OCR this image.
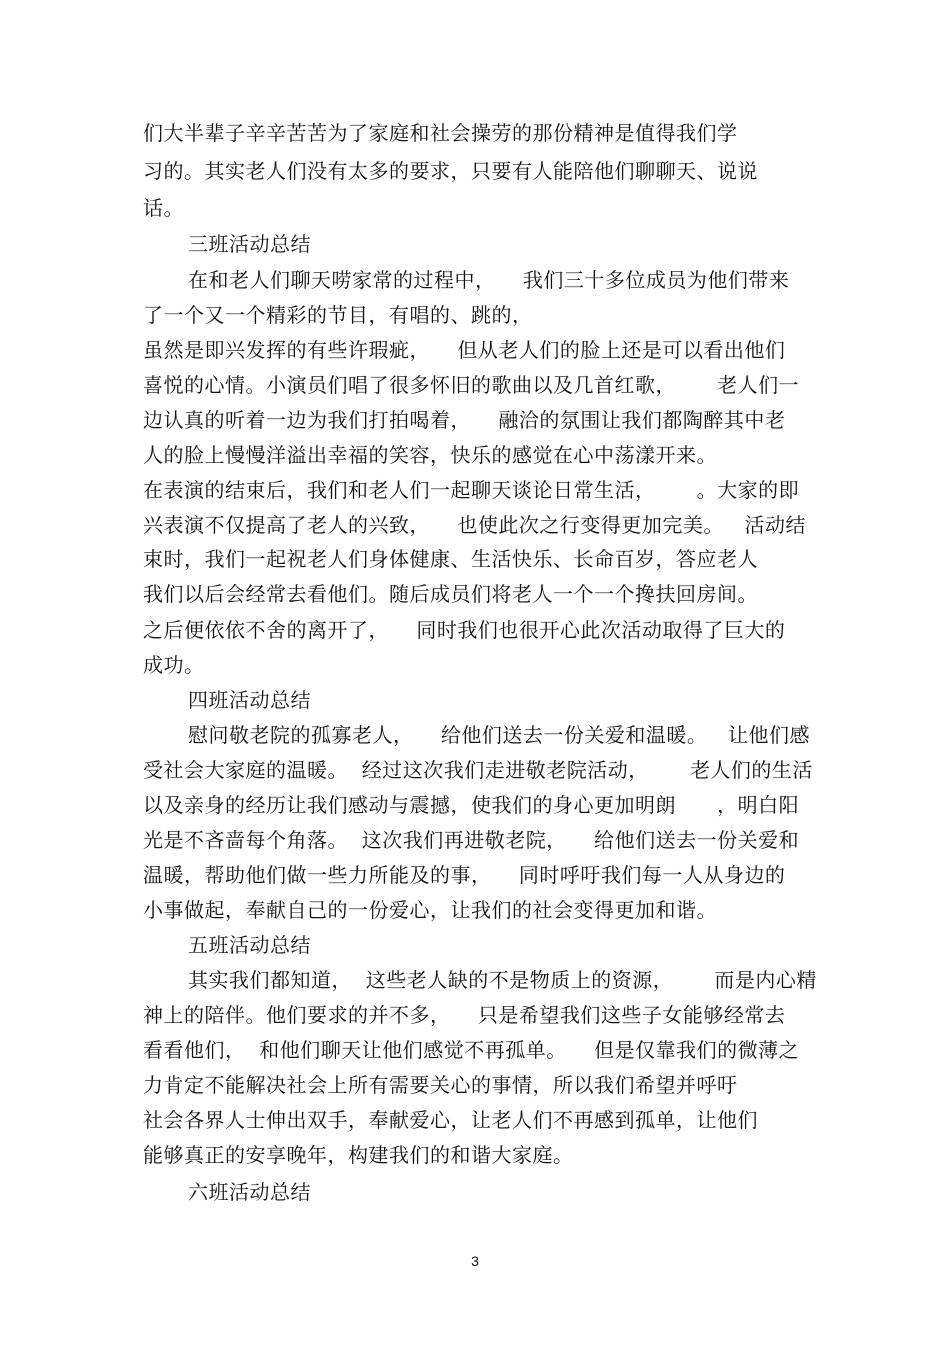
们大半辈子辛辛苦苦为了家庭和社会操劳的那份精神是值得我们学
习的。其实老人们没有太多的要求，只要有人能陪他们聊聊天、说说
话。
三班活动总结
在和老人们聊天唠家常的过程中，    我们三十多位成员为他们带来
了一个又一个精彩的节目，有唱的、跳的，
虽然是即兴发挥的有些许瑕疵，    但从老人们的脸上还是可以看出他们
喜悦的心情。小演员们唱了很多怀旧的歌曲以及几首红歌，      老人们一
边认真的听着一边为我们打拍喝着，    融洽的氛围让我们都陶醉其中老
人的脸上慢慢洋溢出幸福的笑容，快乐的感觉在心中荡漾开来。
在表演的结束后，我们和老人们一起聊天谈论日常生活，      。大家的即
兴表演不仅提高了老人的兴致，    也使此次之行变得更加完美。   活动结
束时，我们一起祝老人们身体健康、生活快乐、长命百岁，答应老人
我们以后会经常去看他们。随后成员们将老人一个一个搀扶回房间。
之后便依依不舍的离开了，    同时我们也很开心此次活动取得了巨大的
成功。
四班活动总结
慰问敬老院的孤寡老人，    给他们送去一份关爱和温暖。   让他们感
受社会大家庭的温暖。  经过这次我们走进敬老院活动，      老人们的生活
以及亲身的经历让我们感动与震撼，使我们的身心更加明朗      ，明白阳
光是不吝啬每个角落。  这次我们再进敬老院，    给他们送去一份关爱和
温暖，帮助他们做一些力所能及的事，    同时呼吁我们每一人从身边的
小事做起，奉献自己的一份爱心，让我们的社会变得更加和谐。
五班活动总结
其实我们都知道，  这些老人缺的不是物质上的资源，      而是内心精
神上的陪伴。他们要求的并不多，    只是希望我们这些子女能够经常去
看看他们，  和他们聊天让他们感觉不再孤单。    但是仅靠我们的微薄之
力肯定不能解决社会上所有需要关心的事情，所以我们希望并呼吁
社会各界人士伸出双手，奉献爱心，让老人们不再感到孤单，让他们
能够真正的安享晚年，构建我们的和谐大家庭。
六班活动总结
3
